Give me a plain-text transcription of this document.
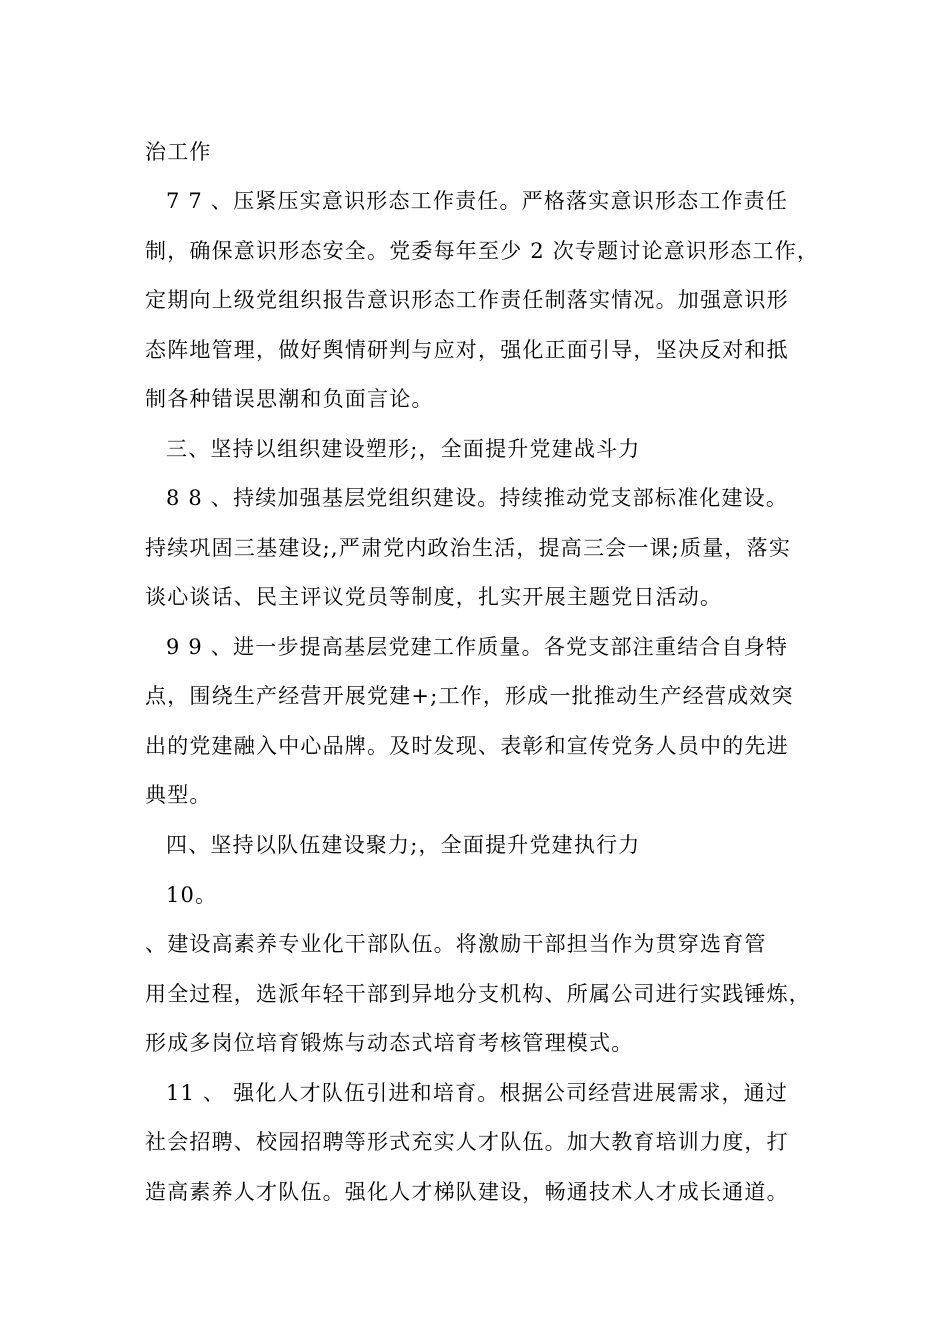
治工作
7 7 、压紧压实意识形态工作责任。严格落实意识形态工作责任
制，确保意识形态安全。党委每年至少 2 次专题讨论意识形态工作，
定期向上级党组织报告意识形态工作责任制落实情况。加强意识形
态阵地管理，做好舆情研判与应对，强化正面引导，坚决反对和抵
制各种错误思潮和负面言论。
三、坚持以组织建设塑形;，全面提升党建战斗力
8 8 、持续加强基层党组织建设。持续推动党支部标准化建设。
持续巩固三基建设;,严肃党内政治生活，提高三会一课;质量，落实
谈心谈话、民主评议党员等制度，扎实开展主题党日活动。
9 9 、进一步提高基层党建工作质量。各党支部注重结合自身特
点，围绕生产经营开展党建+;工作，形成一批推动生产经营成效突
出的党建融入中心品牌。及时发现、表彰和宣传党务人员中的先进
典型。
四、坚持以队伍建设聚力;，全面提升党建执行力
10。
、建设高素养专业化干部队伍。将激励干部担当作为贯穿选育管
用全过程，选派年轻干部到异地分支机构、所属公司进行实践锤炼，
形成多岗位培育锻炼与动态式培育考核管理模式。
11 、 强化人才队伍引进和培育。根据公司经营进展需求，通过
社会招聘、校园招聘等形式充实人才队伍。加大教育培训力度，打
造高素养人才队伍。强化人才梯队建设，畅通技术人才成长通道。
